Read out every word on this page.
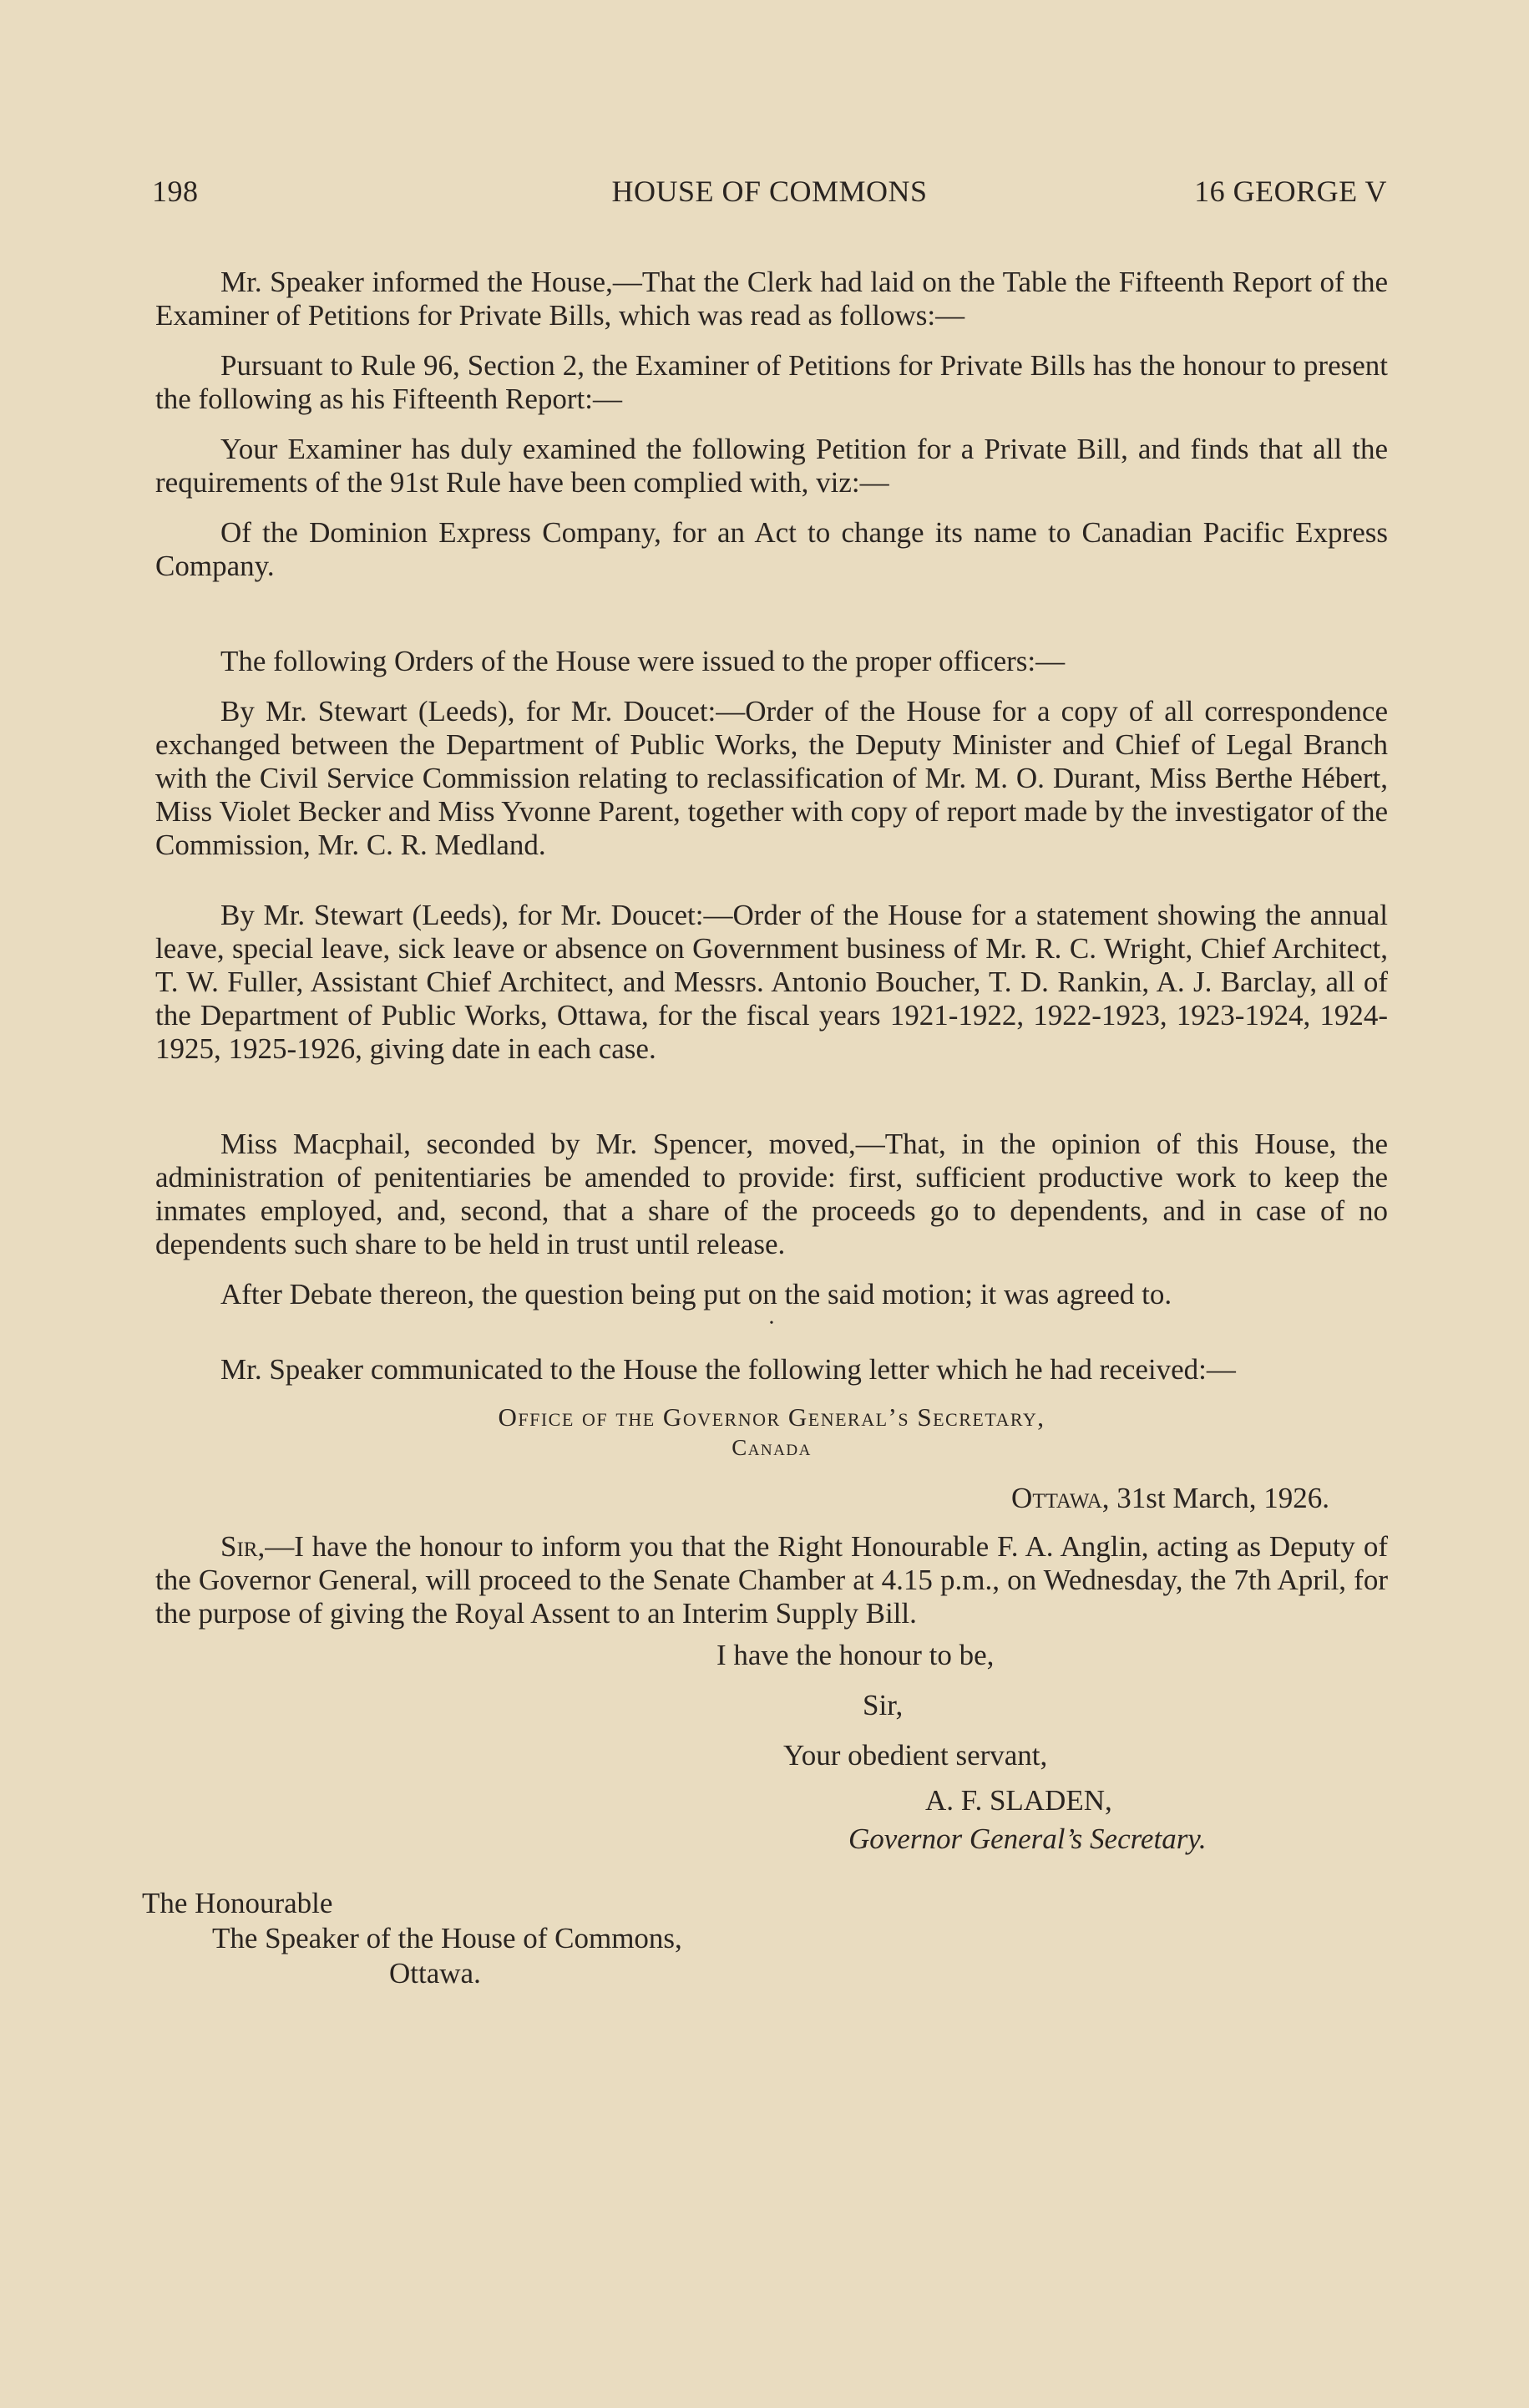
198	HOUSE OF COMMONS	16 GEORGE V

Mr. Speaker informed the House,—That the Clerk had laid on the Table the Fifteenth Report of the Examiner of Petitions for Private Bills, which was read as follows:—

Pursuant to Rule 96, Section 2, the Examiner of Petitions for Private Bills has the honour to present the following as his Fifteenth Report:—

Your Examiner has duly examined the following Petition for a Private Bill, and finds that all the requirements of the 91st Rule have been complied with, viz:—

Of the Dominion Express Company, for an Act to change its name to Canadian Pacific Express Company.

The following Orders of the House were issued to the proper officers:—

By Mr. Stewart (Leeds), for Mr. Doucet:—Order of the House for a copy of all correspondence exchanged between the Department of Public Works, the Deputy Minister and Chief of Legal Branch with the Civil Service Commission relating to reclassification of Mr. M. O. Durant, Miss Berthe Hébert, Miss Violet Becker and Miss Yvonne Parent, together with copy of report made by the investigator of the Commission, Mr. C. R. Medland.

By Mr. Stewart (Leeds), for Mr. Doucet:—Order of the House for a statement showing the annual leave, special leave, sick leave or absence on Government business of Mr. R. C. Wright, Chief Architect, T. W. Fuller, Assistant Chief Architect, and Messrs. Antonio Boucher, T. D. Rankin, A. J. Barclay, all of the Department of Public Works, Ottawa, for the fiscal years 1921-1922, 1922-1923, 1923-1924, 1924-1925, 1925-1926, giving date in each case.

Miss Macphail, seconded by Mr. Spencer, moved,—That, in the opinion of this House, the administration of penitentiaries be amended to provide: first, sufficient productive work to keep the inmates employed, and, second, that a share of the proceeds go to dependents, and in case of no dependents such share to be held in trust until release.

After Debate thereon, the question being put on the said motion; it was agreed to.

•

Mr. Speaker communicated to the House the following letter which he had received:—

Office of the Governor General’s Secretary,
Canada
Ottawa, 31st March, 1926.

Sir,—I have the honour to inform you that the Right Honourable F. A. Anglin, acting as Deputy of the Governor General, will proceed to the Senate Chamber at 4.15 p.m., on Wednesday, the 7th April, for the purpose of giving the Royal Assent to an Interim Supply Bill.

I have the honour to be,
Sir,
Your obedient servant,
A. F. SLADEN,
Governor General’s Secretary.
The Honourable
The Speaker of the House of Commons,
Ottawa.
